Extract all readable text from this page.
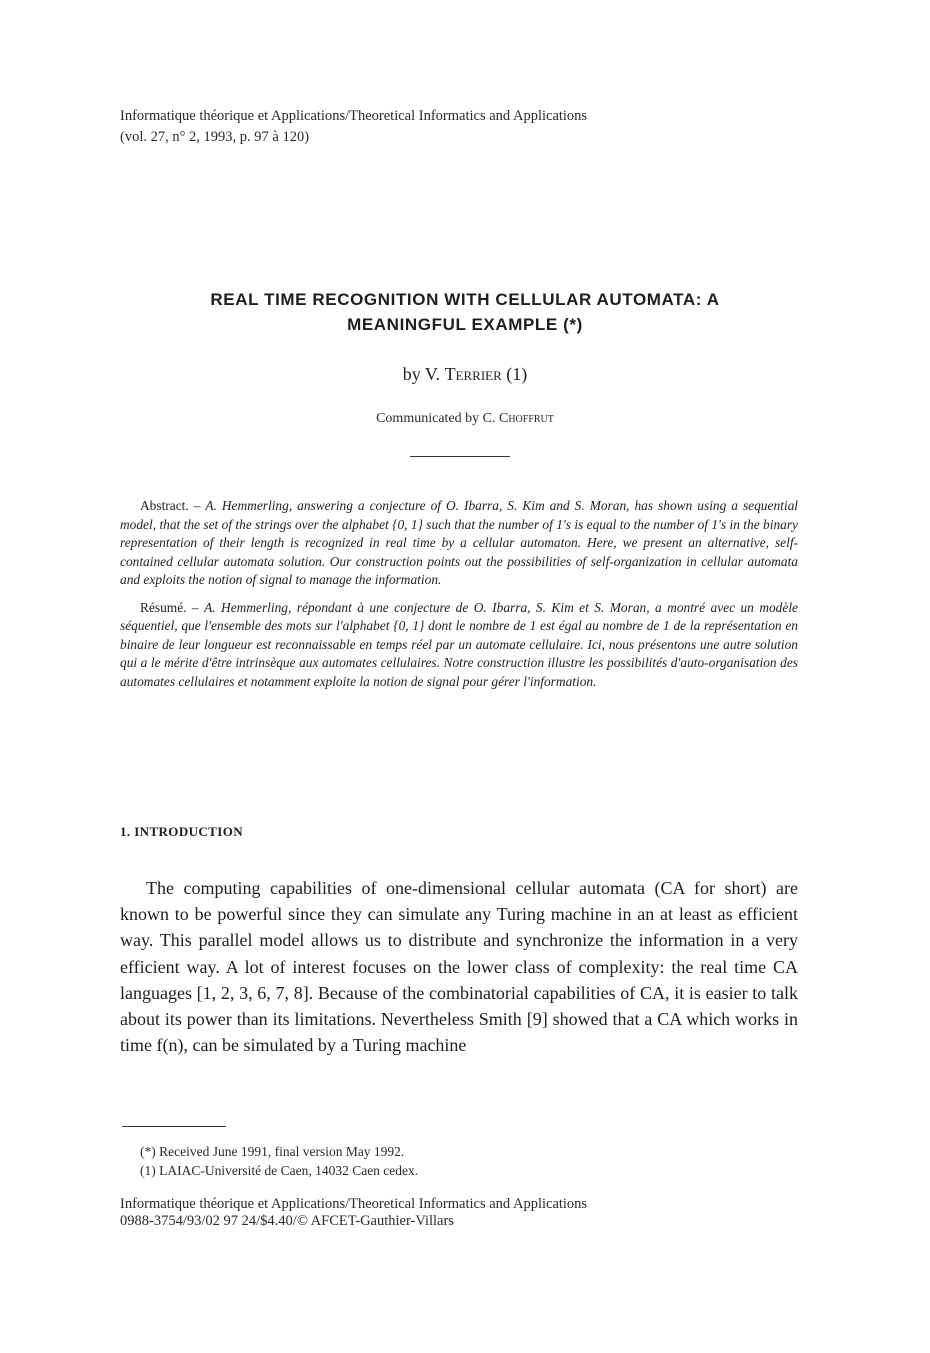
Informatique théorique et Applications/Theoretical Informatics and Applications
(vol. 27, n° 2, 1993, p. 97 à 120)
REAL TIME RECOGNITION WITH CELLULAR AUTOMATA: A
MEANINGFUL EXAMPLE (*)
by V. Terrier (1)
Communicated by C. Choffrut

Abstract. – A. Hemmerling, answering a conjecture of O. Ibarra, S. Kim and S. Moran, has shown using a sequential model, that the set of the strings over the alphabet {0, 1} such that the number of 1's is equal to the number of 1's in the binary representation of their length is recognized in real time by a cellular automaton. Here, we present an alternative, self-contained cellular automata solution. Our construction points out the possibilities of self-organization in cellular automata and exploits the notion of signal to manage the information.

Résumé. – A. Hemmerling, répondant à une conjecture de O. Ibarra, S. Kim et S. Moran, a montré avec un modèle séquentiel, que l'ensemble des mots sur l'alphabet {0, 1} dont le nombre de 1 est égal au nombre de 1 de la représentation en binaire de leur longueur est reconnaissable en temps réel par un automate cellulaire. Ici, nous présentons une autre solution qui a le mérite d'être intrinsèque aux automates cellulaires. Notre construction illustre les possibilités d'auto-organisation des automates cellulaires et notamment exploite la notion de signal pour gérer l'information.

1. INTRODUCTION

The computing capabilities of one-dimensional cellular automata (CA for short) are known to be powerful since they can simulate any Turing machine in an at least as efficient way. This parallel model allows us to distribute and synchronize the information in a very efficient way. A lot of interest focuses on the lower class of complexity: the real time CA languages [1, 2, 3, 6, 7, 8]. Because of the combinatorial capabilities of CA, it is easier to talk about its power than its limitations. Nevertheless Smith [9] showed that a CA which works in time f(n), can be simulated by a Turing machine

(*) Received June 1991, final version May 1992.
(1) LAIAC-Université de Caen, 14032 Caen cedex.
Informatique théorique et Applications/Theoretical Informatics and Applications
0988-3754/93/02 97 24/$4.40/© AFCET-Gauthier-Villars
